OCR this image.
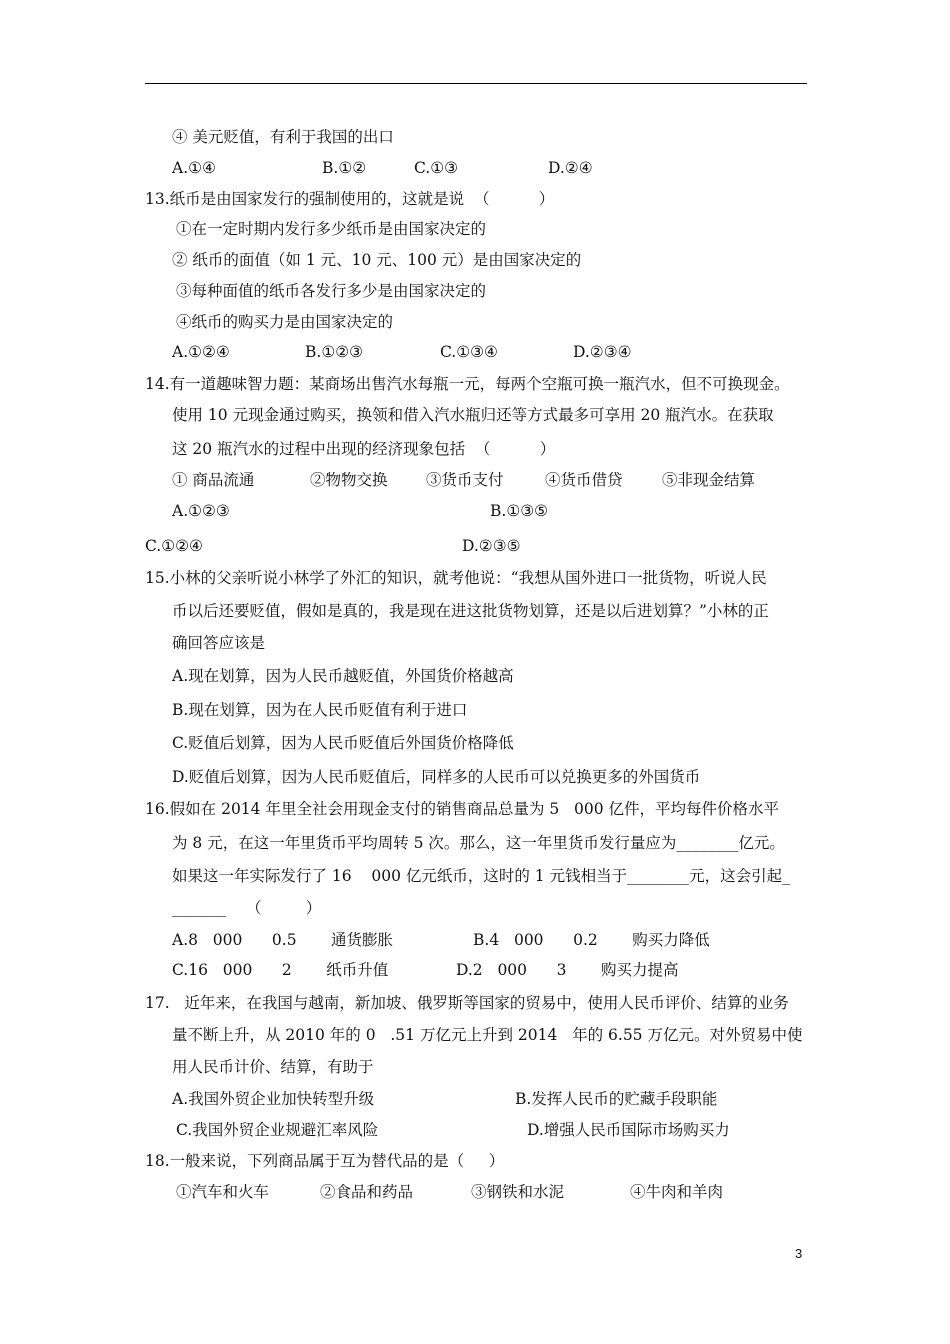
④ 美元贬值，有利于我国的出口
A.①④	B.①②	C.①③	D.②④
13.纸币是由国家发行的强制使用的，这就是说  （          ）
①在一定时期内发行多少纸币是由国家决定的
② 纸币的面值（如 1 元、10 元、100 元）是由国家决定的
③每种面值的纸币各发行多少是由国家决定的
④纸币的购买力是由国家决定的
A.①②④	B.①②③	C.①③④	D.②③④
14.有一道趣味智力题：某商场出售汽水每瓶一元，每两个空瓶可换一瓶汽水，但不可换现金。
使用 10 元现金通过购买，换领和借入汽水瓶归还等方式最多可享用 20 瓶汽水。在获取
这 20 瓶汽水的过程中出现的经济现象包括  （          ）
① 商品流通	②物物交换 ③货币支付	④货币借贷	⑤非现金结算
A.①②③	B.①③⑤
C.①②④	D.②③⑤
15.小林的父亲听说小林学了外汇的知识，就考他说：“我想从国外进口一批货物，听说人民
币以后还要贬值，假如是真的，我是现在进这批货物划算，还是以后进划算？”小林的正
确回答应该是
A.现在划算，因为人民币越贬值，外国货价格越高
B.现在划算，因为在人民币贬值有利于进口
C.贬值后划算，因为人民币贬值后外国货价格降低
D.贬值后划算，因为人民币贬值后，同样多的人民币可以兑换更多的外国货币
16.假如在 2014 年里全社会用现金支付的销售商品总量为 5   000 亿件，平均每件价格水平
为 8 元，在这一年里货币平均周转 5 次。那么，这一年里货币发行量应为________亿元。
如果这一年实际发行了 16    000 亿元纸币，这时的 1 元钱相当于________元，这会引起_
_______    （         ）
A.8   000      0.5       通货膨胀	B.4   000      0.2       购买力降低
C.16   000      2       纸币升值	D.2   000      3       购买力提高
17.   近年来，在我国与越南，新加坡、俄罗斯等国家的贸易中，使用人民币评价、结算的业务
量不断上升，从 2010 年的 0   .51 万亿元上升到 2014   年的 6.55 万亿元。对外贸易中使
用人民币计价、结算，有助于
A.我国外贸企业加快转型升级	B.发挥人民币的贮藏手段职能
C.我国外贸企业规避汇率风险	D.增强人民币国际市场购买力
18.一般来说，下列商品属于互为替代品的是（     ）
①汽车和火车	②食品和药品	③钢铁和水泥	④牛肉和羊肉
3
